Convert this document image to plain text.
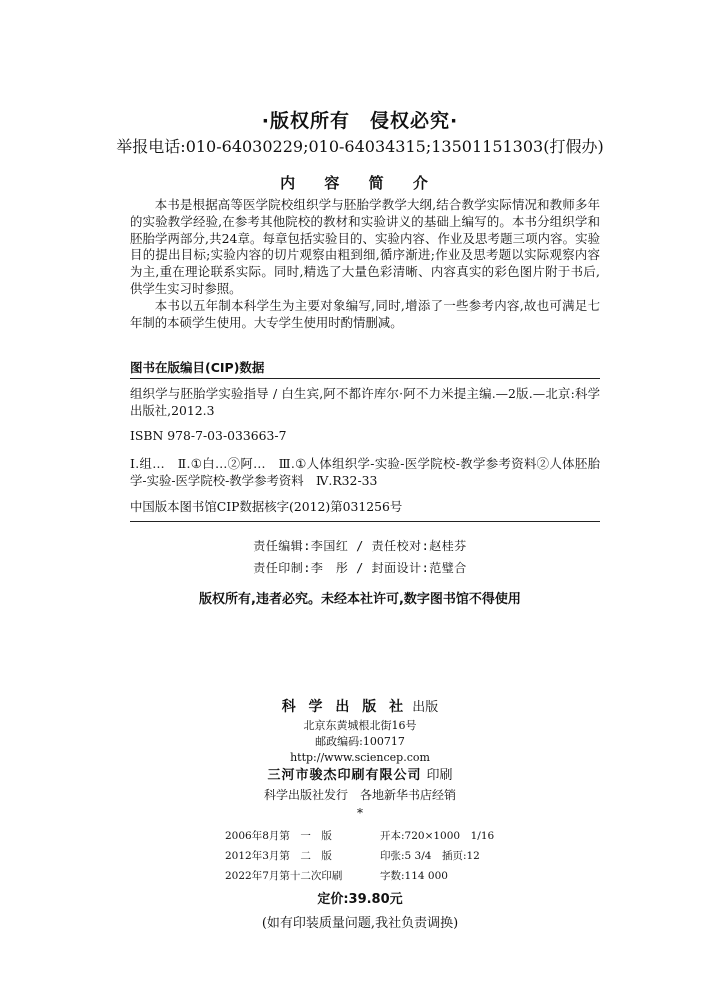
·版权所有　侵权必究·
举报电话:010-64030229;010-64034315;13501151303(打假办)
内 容 简 介

本书是根据高等医学院校组织学与胚胎学教学大纲,结合教学实际情况和教师多年的实验教学经验,在参考其他院校的教材和实验讲义的基础上编写的。本书分组织学和胚胎学两部分,共24章。每章包括实验目的、实验内容、作业及思考题三项内容。实验目的提出目标;实验内容的切片观察由粗到细,循序渐进;作业及思考题以实际观察内容为主,重在理论联系实际。同时,精选了大量色彩清晰、内容真实的彩色图片附于书后,供学生实习时参照。

本书以五年制本科学生为主要对象编写,同时,增添了一些参考内容,故也可满足七年制的本硕学生使用。大专学生使用时酌情删减。

图书在版编目(CIP)数据
组织学与胚胎学实验指导 / 白生宾,阿不都许库尔·阿不力米提主编.—2版.—北京:科学出版社,2012.3
ISBN 978-7-03-033663-7
Ⅰ.组…　Ⅱ.①白…②阿…　Ⅲ.①人体组织学-实验-医学院校-教学参考资料②人体胚胎学-实验-医学院校-教学参考资料　Ⅳ.R32-33
中国版本图书馆CIP数据核字(2012)第031256号
责任编辑:李国红 / 责任校对:赵桂芬
责任印制:李　彤 / 封面设计:范璧合
版权所有,违者必究。未经本社许可,数字图书馆不得使用
科 学 出 版 社 出版
北京东黄城根北街16号
邮政编码:100717
http://www.sciencep.com
三河市骏杰印刷有限公司 印刷
科学出版社发行　各地新华书店经销
*
2006年8月第　一　版	开本:720×1000　1/16
2012年3月第　二　版	印张:5 3/4　插页:12
2022年7月第十二次印刷	字数:114 000
定价:39.80元
(如有印装质量问题,我社负责调换)
